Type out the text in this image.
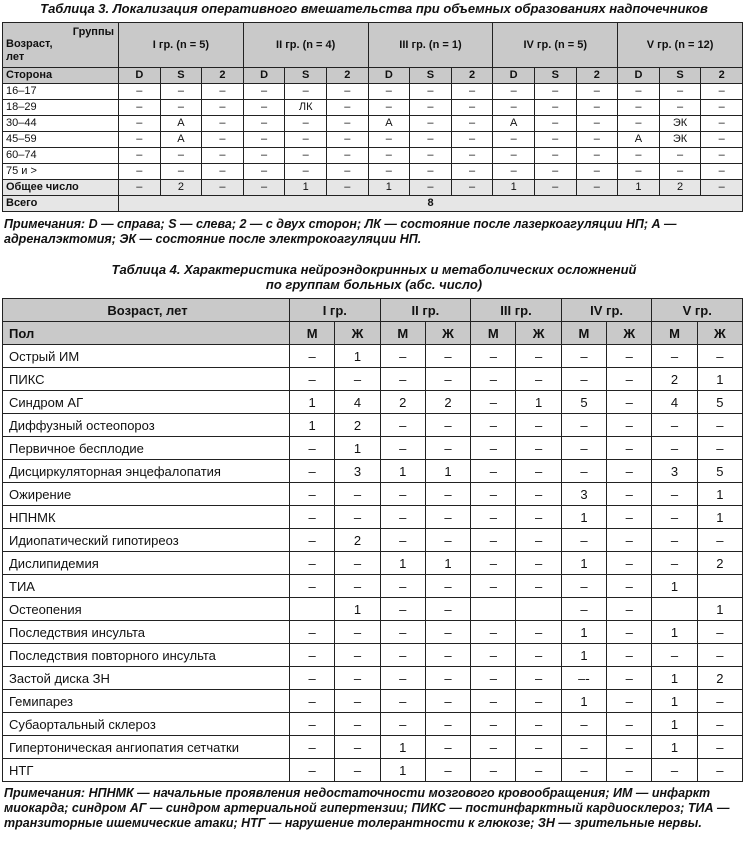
Таблица 3. Локализация оперативного вмешательства при объемных образованиях надпочечников

Группы
Возраст, лет	I гр. (n = 5)			II гр. (n = 4)			III гр. (n = 1)			IV гр. (n = 5)			V гр. (n = 12)		
Сторона	D	S	2	D	S	2	D	S	2	D	S	2	D	S	2
16–17	–	–	–	–	–	–	–	–	–	–	–	–	–	–	–
18–29	–	–	–	–	ЛК	–	–	–	–	–	–	–	–	–	–
30–44	–	А	–	–	–	–	А	–	–	А	–	–	–	ЭК	–
45–59	–	А	–	–	–	–	–	–	–	–	–	–	А	ЭК	–
60–74	–	–	–	–	–	–	–	–	–	–	–	–	–	–	–
75 и >	–	–	–	–	–	–	–	–	–	–	–	–	–	–	–
Общее число	–	2	–	–	1	–	1	–	–	1	–	–	1	2	–
Всего	8														

Примечания: D — справа; S — слева; 2 — с двух сторон; ЛК — состояние после лазеркоагуляции НП; А — адреналэктомия; ЭК — состояние после электрокоагуляции НП.

Таблица 4. Характеристика нейроэндокринных и метаболических осложнений

по группам больных (абс. число)

Возраст, лет	I гр.		II гр.		III гр.		IV гр.		V гр.	
Пол	М	Ж	М	Ж	М	Ж	М	Ж	М	Ж
Острый ИМ	–	1	–	–	–	–	–	–	–	–
ПИКС	–	–	–	–	–	–	–	–	2	1
Синдром АГ	1	4	2	2	–	1	5	–	4	5
Диффузный остеопороз	1	2	–	–	–	–	–	–	–	–
Первичное бесплодие	–	1	–	–	–	–	–	–	–	–
Дисциркуляторная энцефалопатия	–	3	1	1	–	–	–	–	3	5
Ожирение	–	–	–	–	–	–	3	–	–	1
НПНМК	–	–	–	–	–	–	1	–	–	1
Идиопатический гипотиреоз	–	2	–	–	–	–	–	–	–	–
Дислипидемия	–	–	1	1	–	–	1	–	–	2
ТИА	–	–	–	–	–	–	–	–	1	
Остеопения		1	–	–			–	–		1
Последствия инсульта	–	–	–	–	–	–	1	–	1	–
Последствия повторного инсульта	–	–	–	–	–	–	1	–	–	–
Застой диска ЗН	–	–	–	–	–	–	–-	–	1	2
Гемипарез	–	–	–	–	–	–	1	–	1	–
Субаортальный склероз	–	–	–	–	–	–	–	–	1	–
Гипертоническая ангиопатия сетчатки	–	–	1	–	–	–	–	–	1	–
НТГ	–	–	1	–	–	–	–	–	–	–

Примечания: НПНМК — начальные проявления недостаточности мозгового кровообращения; ИМ — инфаркт миокарда; синдром АГ — синдром артериальной гипертензии; ПИКС — постинфарктный кардиосклероз; ТИА — транзиторные ишемические атаки; НТГ — нарушение толерантности к глюкозе; ЗН — зрительные нервы.
